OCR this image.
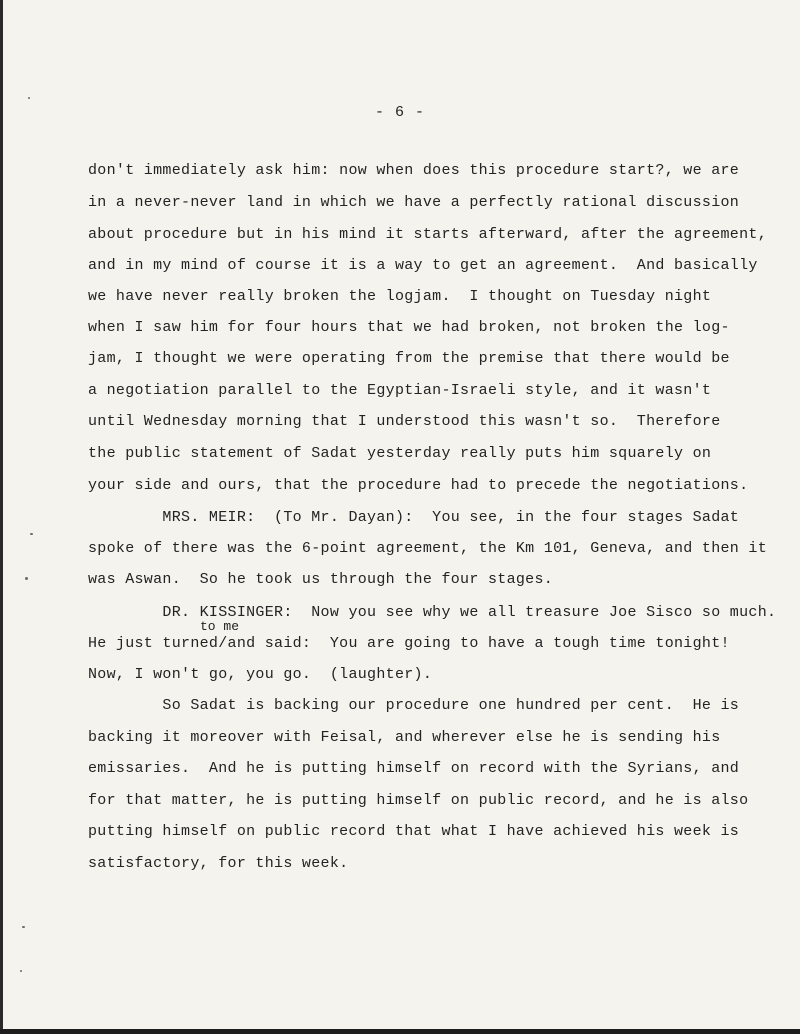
- 6 -
to me
don't immediately ask him: now when does this procedure start?, we are
in a never-never land in which we have a perfectly rational discussion
about procedure but in his mind it starts afterward, after the agreement,
and in my mind of course it is a way to get an agreement.  And basically
we have never really broken the logjam.  I thought on Tuesday night
when I saw him for four hours that we had broken, not broken the log-
jam, I thought we were operating from the premise that there would be
a negotiation parallel to the Egyptian-Israeli style, and it wasn't
until Wednesday morning that I understood this wasn't so.  Therefore
the public statement of Sadat yesterday really puts him squarely on
your side and ours, that the procedure had to precede the negotiations.
MRS. MEIR:  (To Mr. Dayan):  You see, in the four stages Sadat
spoke of there was the 6-point agreement, the Km 101, Geneva, and then it
was Aswan.  So he took us through the four stages.
DR. KISSINGER:  Now you see why we all treasure Joe Sisco so much.
He just turned/and said:  You are going to have a tough time tonight!
Now, I won't go, you go.  (laughter).
So Sadat is backing our procedure one hundred per cent.  He is
backing it moreover with Feisal, and wherever else he is sending his
emissaries.  And he is putting himself on record with the Syrians, and
for that matter, he is putting himself on public record, and he is also
putting himself on public record that what I have achieved his week is
satisfactory, for this week.
